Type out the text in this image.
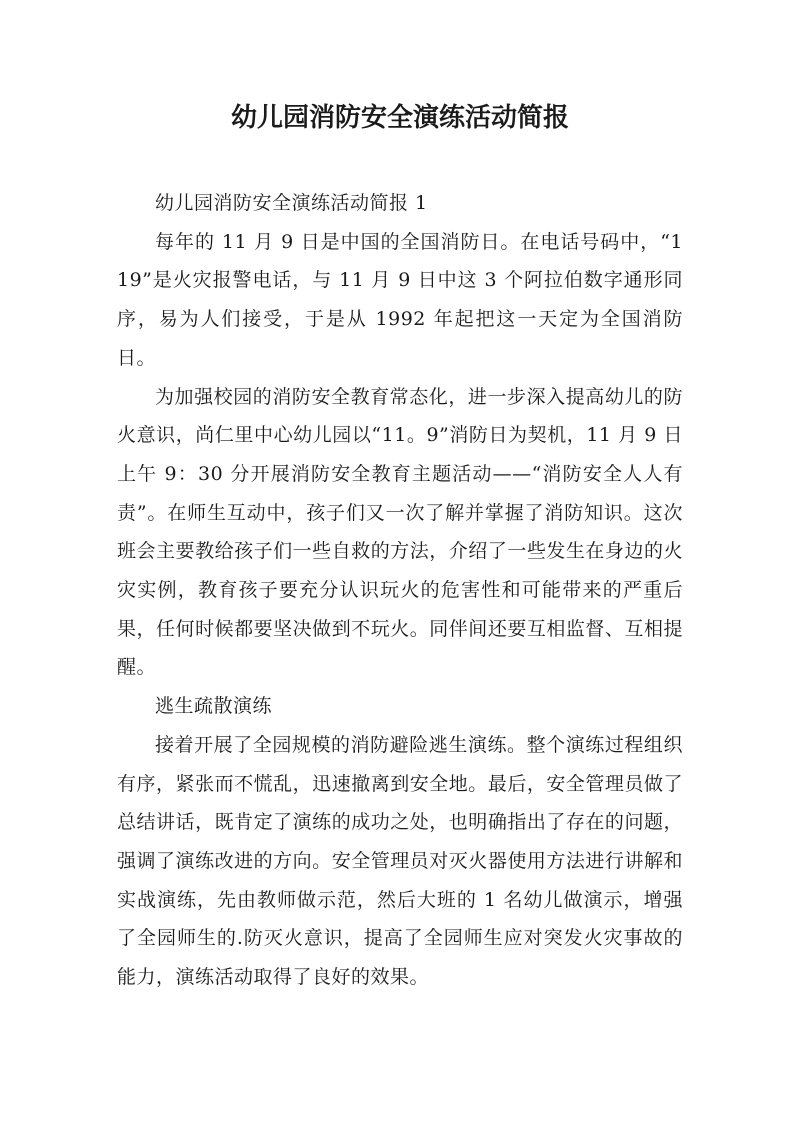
幼儿园消防安全演练活动简报

幼儿园消防安全演练活动简报 1

每年的 11 月 9 日是中国的全国消防日。在电话号码中，“119”是火灾报警电话，与 11 月 9 日中这 3 个阿拉伯数字通形同序，易为人们接受，于是从 1992 年起把这一天定为全国消防日。

为加强校园的消防安全教育常态化，进一步深入提高幼儿的防火意识，尚仁里中心幼儿园以“11。9”消防日为契机，11 月 9 日上午 9：30 分开展消防安全教育主题活动——“消防安全人人有责”。在师生互动中，孩子们又一次了解并掌握了消防知识。这次班会主要教给孩子们一些自救的方法，介绍了一些发生在身边的火灾实例，教育孩子要充分认识玩火的危害性和可能带来的严重后果，任何时候都要坚决做到不玩火。同伴间还要互相监督、互相提醒。

逃生疏散演练

接着开展了全园规模的消防避险逃生演练。整个演练过程组织有序，紧张而不慌乱，迅速撤离到安全地。最后，安全管理员做了总结讲话，既肯定了演练的成功之处，也明确指出了存在的问题，强调了演练改进的方向。安全管理员对灭火器使用方法进行讲解和实战演练，先由教师做示范，然后大班的 1 名幼儿做演示，增强了全园师生的.防灭火意识，提高了全园师生应对突发火灾事故的能力，演练活动取得了良好的效果。
